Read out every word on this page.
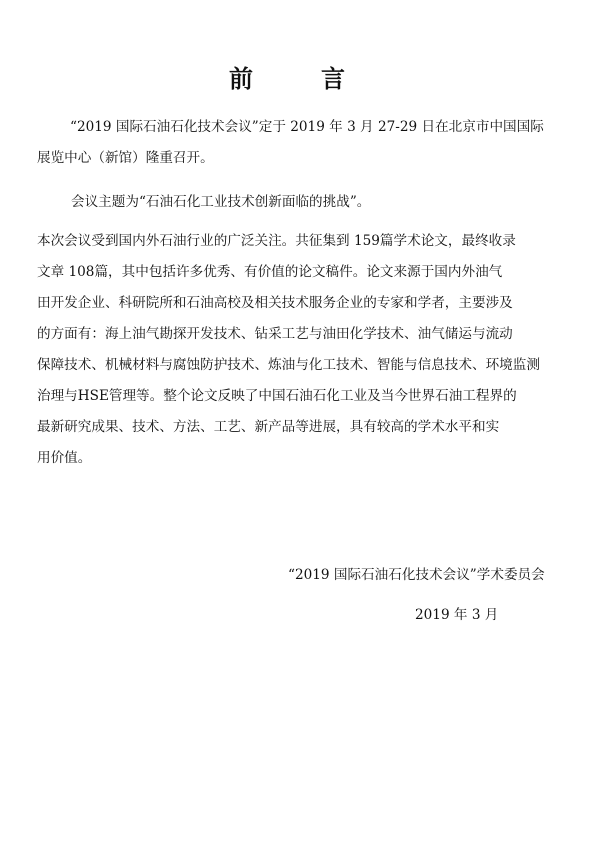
前　言
“2019 国际石油石化技术会议”定于 2019 年 3 月 27-29 日在北京市中国国际
展览中心（新馆）隆重召开。
会议主题为“石油石化工业技术创新面临的挑战”。
本次会议受到国内外石油行业的广泛关注。共征集到 159篇学术论文，最终收录
文章 108篇，其中包括许多优秀、有价值的论文稿件。论文来源于国内外油气
田开发企业、科研院所和石油高校及相关技术服务企业的专家和学者，主要涉及
的方面有：海上油气勘探开发技术、钻采工艺与油田化学技术、油气储运与流动
保障技术、机械材料与腐蚀防护技术、炼油与化工技术、智能与信息技术、环境监测
治理与HSE管理等。整个论文反映了中国石油石化工业及当今世界石油工程界的
最新研究成果、技术、方法、工艺、新产品等进展，具有较高的学术水平和实
用价值。
“2019 国际石油石化技术会议”学术委员会
2019 年 3 月
